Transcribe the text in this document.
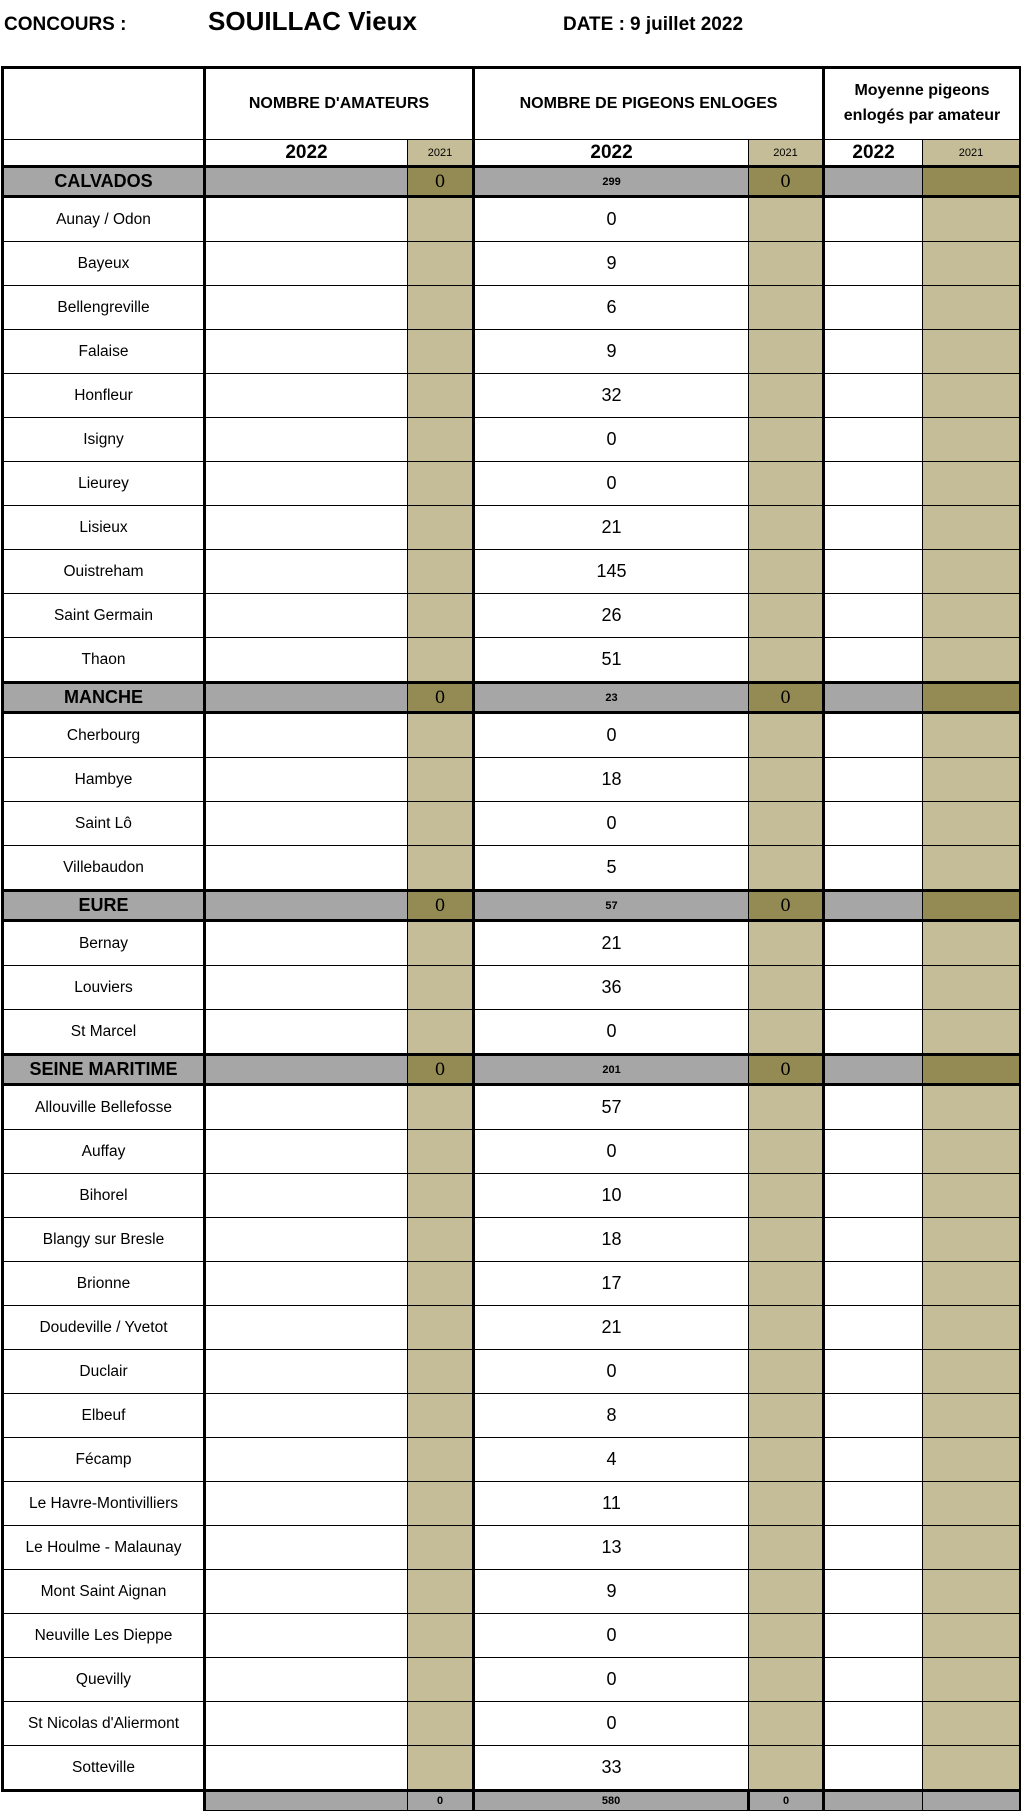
CONCOURS :	SOUILLAC Vieux	DATE : 9 juillet 2022
	NOMBRE D'AMATEURS		NOMBRE DE PIGEONS ENLOGES		Moyenne pigeons enlogés par amateur	
	2022	2021	2022	2021	2022	2021
CALVADOS		0	299	0		
Aunay / Odon			0			
Bayeux			9			
Bellengreville			6			
Falaise			9			
Honfleur			32			
Isigny			0			
Lieurey			0			
Lisieux			21			
Ouistreham			145			
Saint Germain			26			
Thaon			51			
MANCHE		0	23	0		
Cherbourg			0			
Hambye			18			
Saint Lô			0			
Villebaudon			5			
EURE		0	57	0		
Bernay			21			
Louviers			36			
St Marcel			0			
SEINE MARITIME		0	201	0		
Allouville Bellefosse			57			
Auffay			0			
Bihorel			10			
Blangy sur Bresle			18			
Brionne			17			
Doudeville / Yvetot			21			
Duclair			0			
Elbeuf			8			
Fécamp			4			
Le Havre-Montivilliers			11			
Le Houlme - Malaunay			13			
Mont Saint Aignan			9			
Neuville Les Dieppe			0			
Quevilly			0			
St Nicolas d'Aliermont			0			
Sotteville			33			
		0	580	0		
